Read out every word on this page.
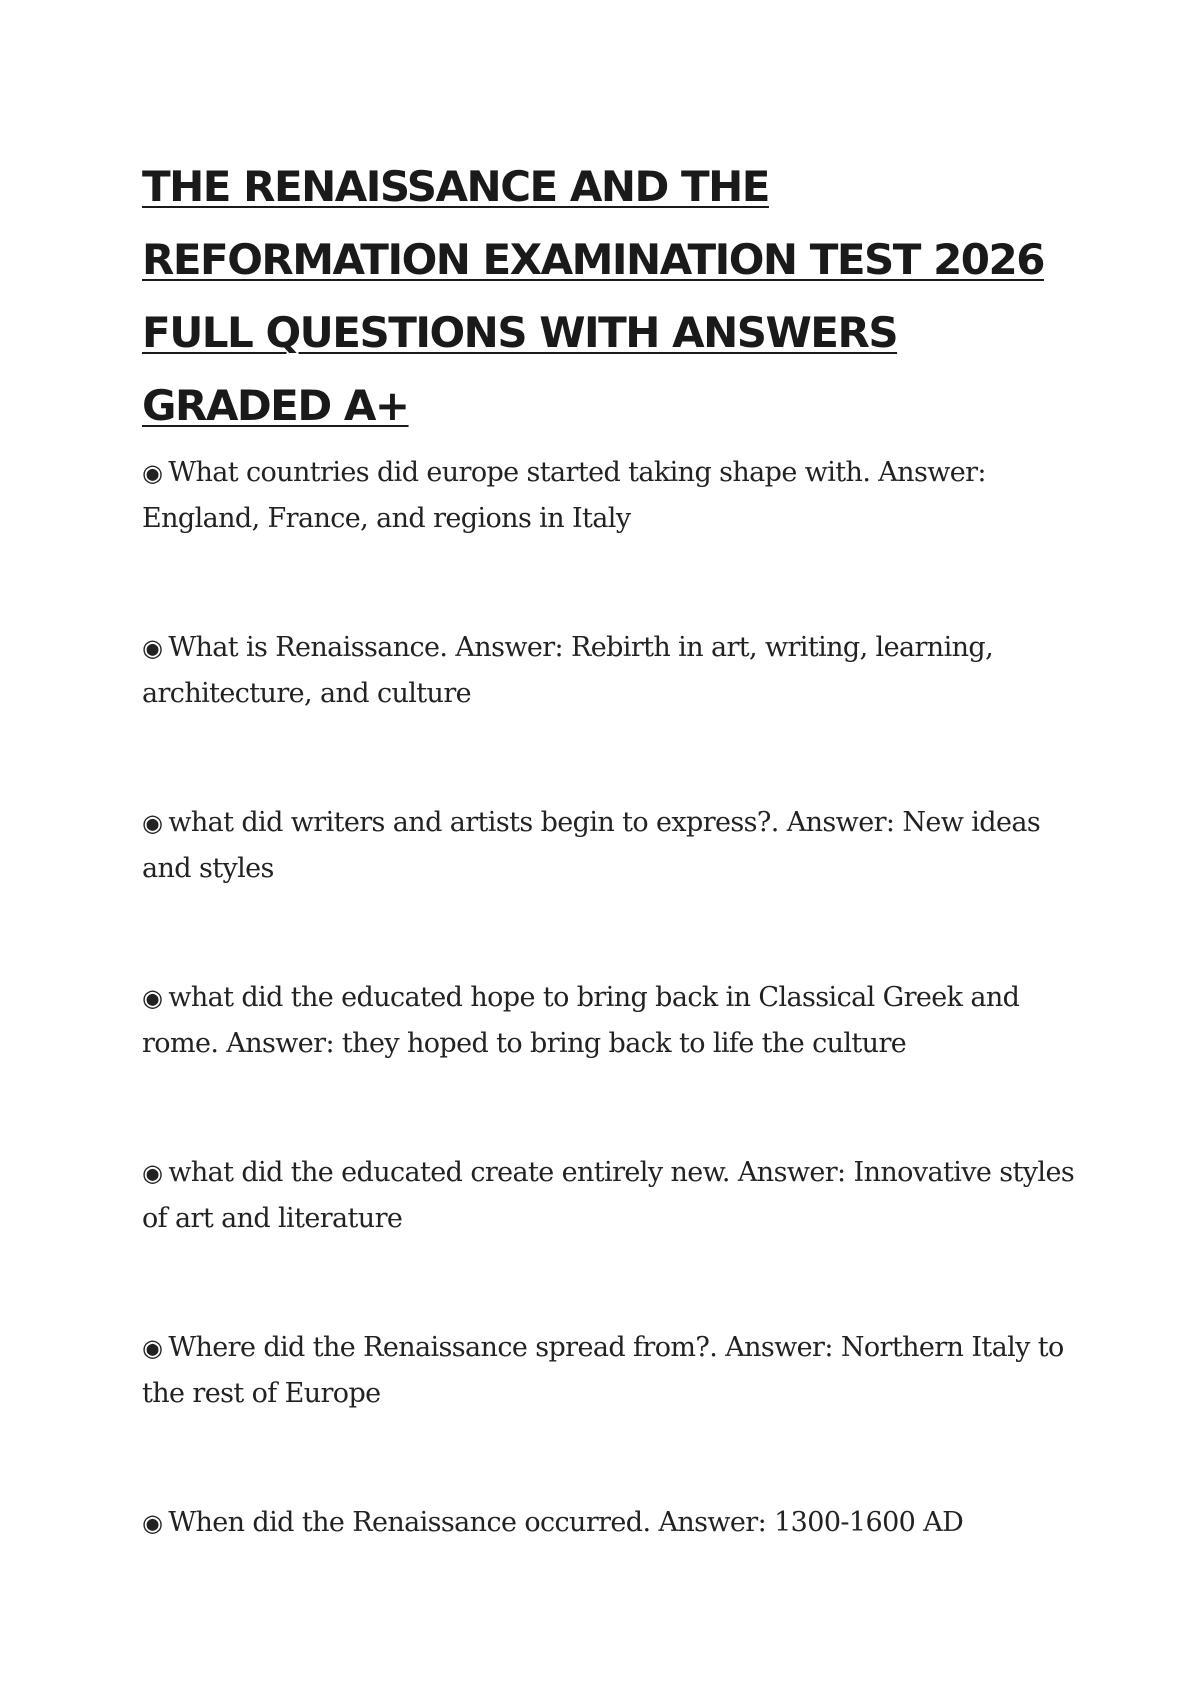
THE RENAISSANCE AND THE REFORMATION EXAMINATION TEST 2026 FULL QUESTIONS WITH ANSWERS GRADED A+
◉ What countries did europe started taking shape with. Answer: England, France, and regions in Italy
◉ What is Renaissance. Answer: Rebirth in art, writing, learning, architecture, and culture
◉ what did writers and artists begin to express?. Answer: New ideas and styles
◉ what did the educated hope to bring back in Classical Greek and rome. Answer: they hoped to bring back to life the culture
◉ what did the educated create entirely new. Answer: Innovative styles of art and literature
◉ Where did the Renaissance spread from?. Answer: Northern Italy to the rest of Europe
◉ When did the Renaissance occurred. Answer: 1300-1600 AD
